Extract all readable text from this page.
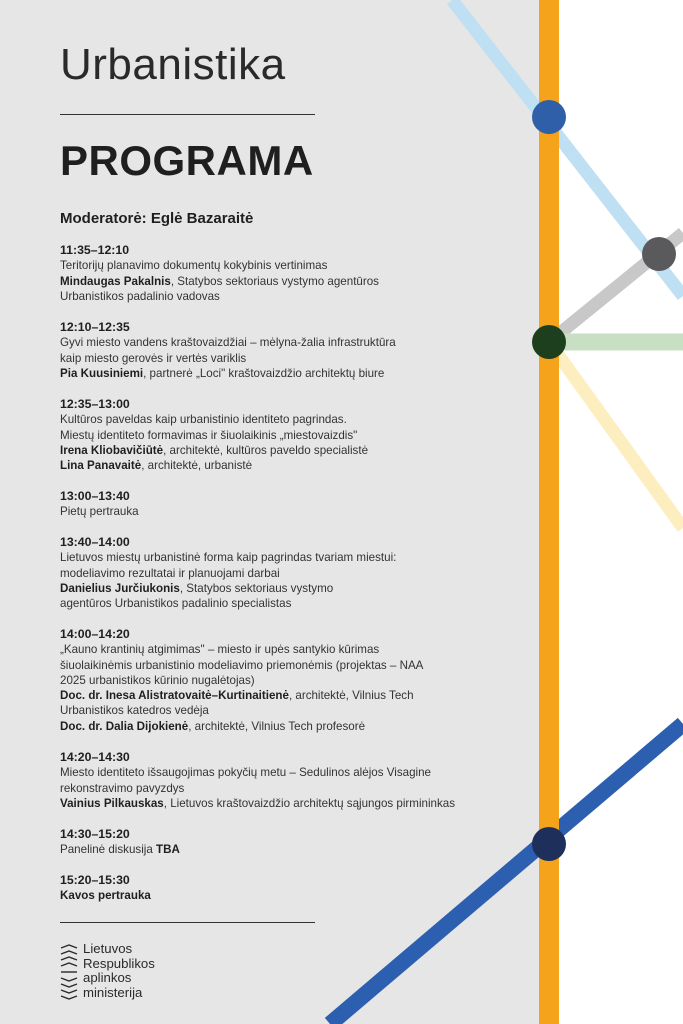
Urbanistika
PROGRAMA
Moderatorė: Eglė Bazaraitė
11:35–12:10
Teritorijų planavimo dokumentų kokybinis vertinimas
Mindaugas Pakalnis, Statybos sektoriaus vystymo agentūros
Urbanistikos padalinio vadovas
12:10–12:35
Gyvi miesto vandens kraštovaizdžiai – mėlyna-žalia infrastruktūra
kaip miesto gerovės ir vertės variklis
Pia Kuusiniemi, partnerė „Loci" kraštovaizdžio architektų biure
12:35–13:00
Kultūros paveldas kaip urbanistinio identiteto pagrindas.
Miestų identiteto formavimas ir šiuolaikinis „miestovaizdis"
Irena Kliobavičiūtė, architektė, kultūros paveldo specialistė
Lina Panavaitė, architektė, urbanistė
13:00–13:40
Pietų pertrauka
13:40–14:00
Lietuvos miestų urbanistinė forma kaip pagrindas tvariam miestui:
modeliavimo rezultatai ir planuojami darbai
Danielius Jurčiukonis, Statybos sektoriaus vystymo
agentūros Urbanistikos padalinio specialistas
14:00–14:20
„Kauno krantinių atgimimas" – miesto ir upės santykio kūrimas
šiuolaikinėmis urbanistinio modeliavimo priemonėmis (projektas – NAA
2025 urbanistikos kūrinio nugalėtojas)
Doc. dr. Inesa Alistratovaitė–Kurtinaitienė, architektė, Vilnius Tech
Urbanistikos katedros vedėja
Doc. dr. Dalia Dijokienė, architektė, Vilnius Tech profesorė
14:20–14:30
Miesto identiteto išsaugojimas pokyčių metu – Sedulinos alėjos Visagine
rekonstravimo pavyzdys
Vainius Pilkauskas, Lietuvos kraštovaizdžio architektų sąjungos pirmininkas
14:30–15:20
Panelinė diskusija TBA
15:20–15:30
Kavos pertrauka
Lietuvos
Respublikos
aplinkos
ministerija
